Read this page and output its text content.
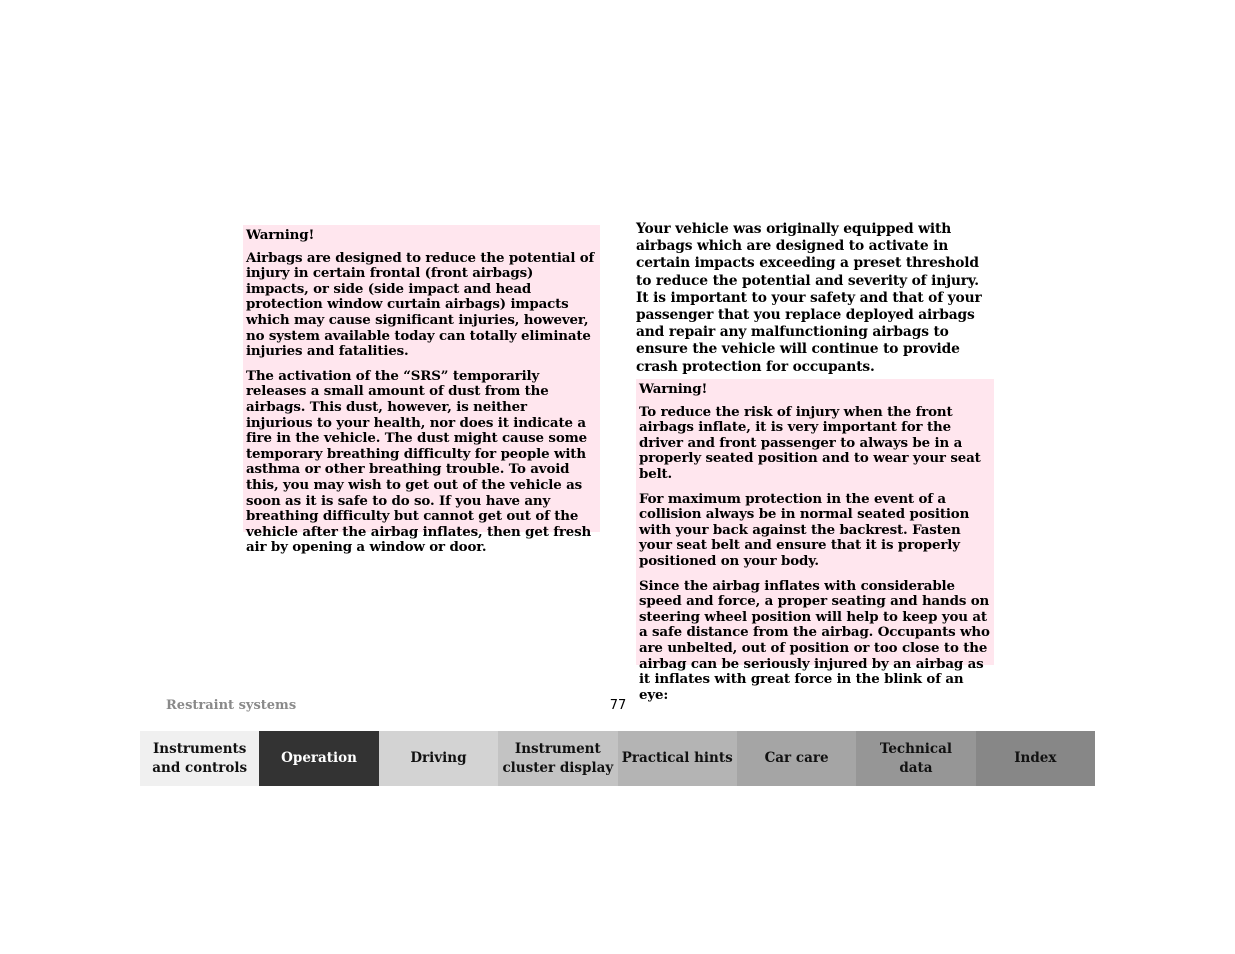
Warning!

Airbags are designed to reduce the potential of injury in certain frontal (front airbags) impacts, or side (side impact and head protection window curtain airbags) impacts which may cause significant injuries, however, no system available today can totally eliminate injuries and fatalities.

The activation of the “SRS” temporarily releases a small amount of dust from the airbags. This dust, however, is neither injurious to your health, nor does it indicate a fire in the vehicle. The dust might cause some temporary breathing difficulty for people with asthma or other breathing trouble. To avoid this, you may wish to get out of the vehicle as soon as it is safe to do so. If you have any breathing difficulty but cannot get out of the vehicle after the airbag inflates, then get fresh air by opening a window or door.

Your vehicle was originally equipped with airbags which are designed to activate in certain impacts exceeding a preset threshold to reduce the potential and severity of injury. It is important to your safety and that of your passenger that you replace deployed airbags and repair any malfunctioning airbags to ensure the vehicle will continue to provide crash protection for occupants.

Warning!

To reduce the risk of injury when the front airbags inflate, it is very important for the driver and front passenger to always be in a properly seated position and to wear your seat belt.

For maximum protection in the event of a collision always be in normal seated position with your back against the backrest. Fasten your seat belt and ensure that it is properly positioned on your body.

Since the airbag inflates with considerable speed and force, a proper seating and hands on steering wheel position will help to keep you at a safe distance from the airbag. Occupants who are unbelted, out of position or too close to the airbag can be seriously injured by an airbag as it inflates with great force in the blink of an eye:

Restraint systems	77
Instruments
and controls
Operation	Driving
Instrument
cluster display
Practical hints	Car care
Technical
data
Index
